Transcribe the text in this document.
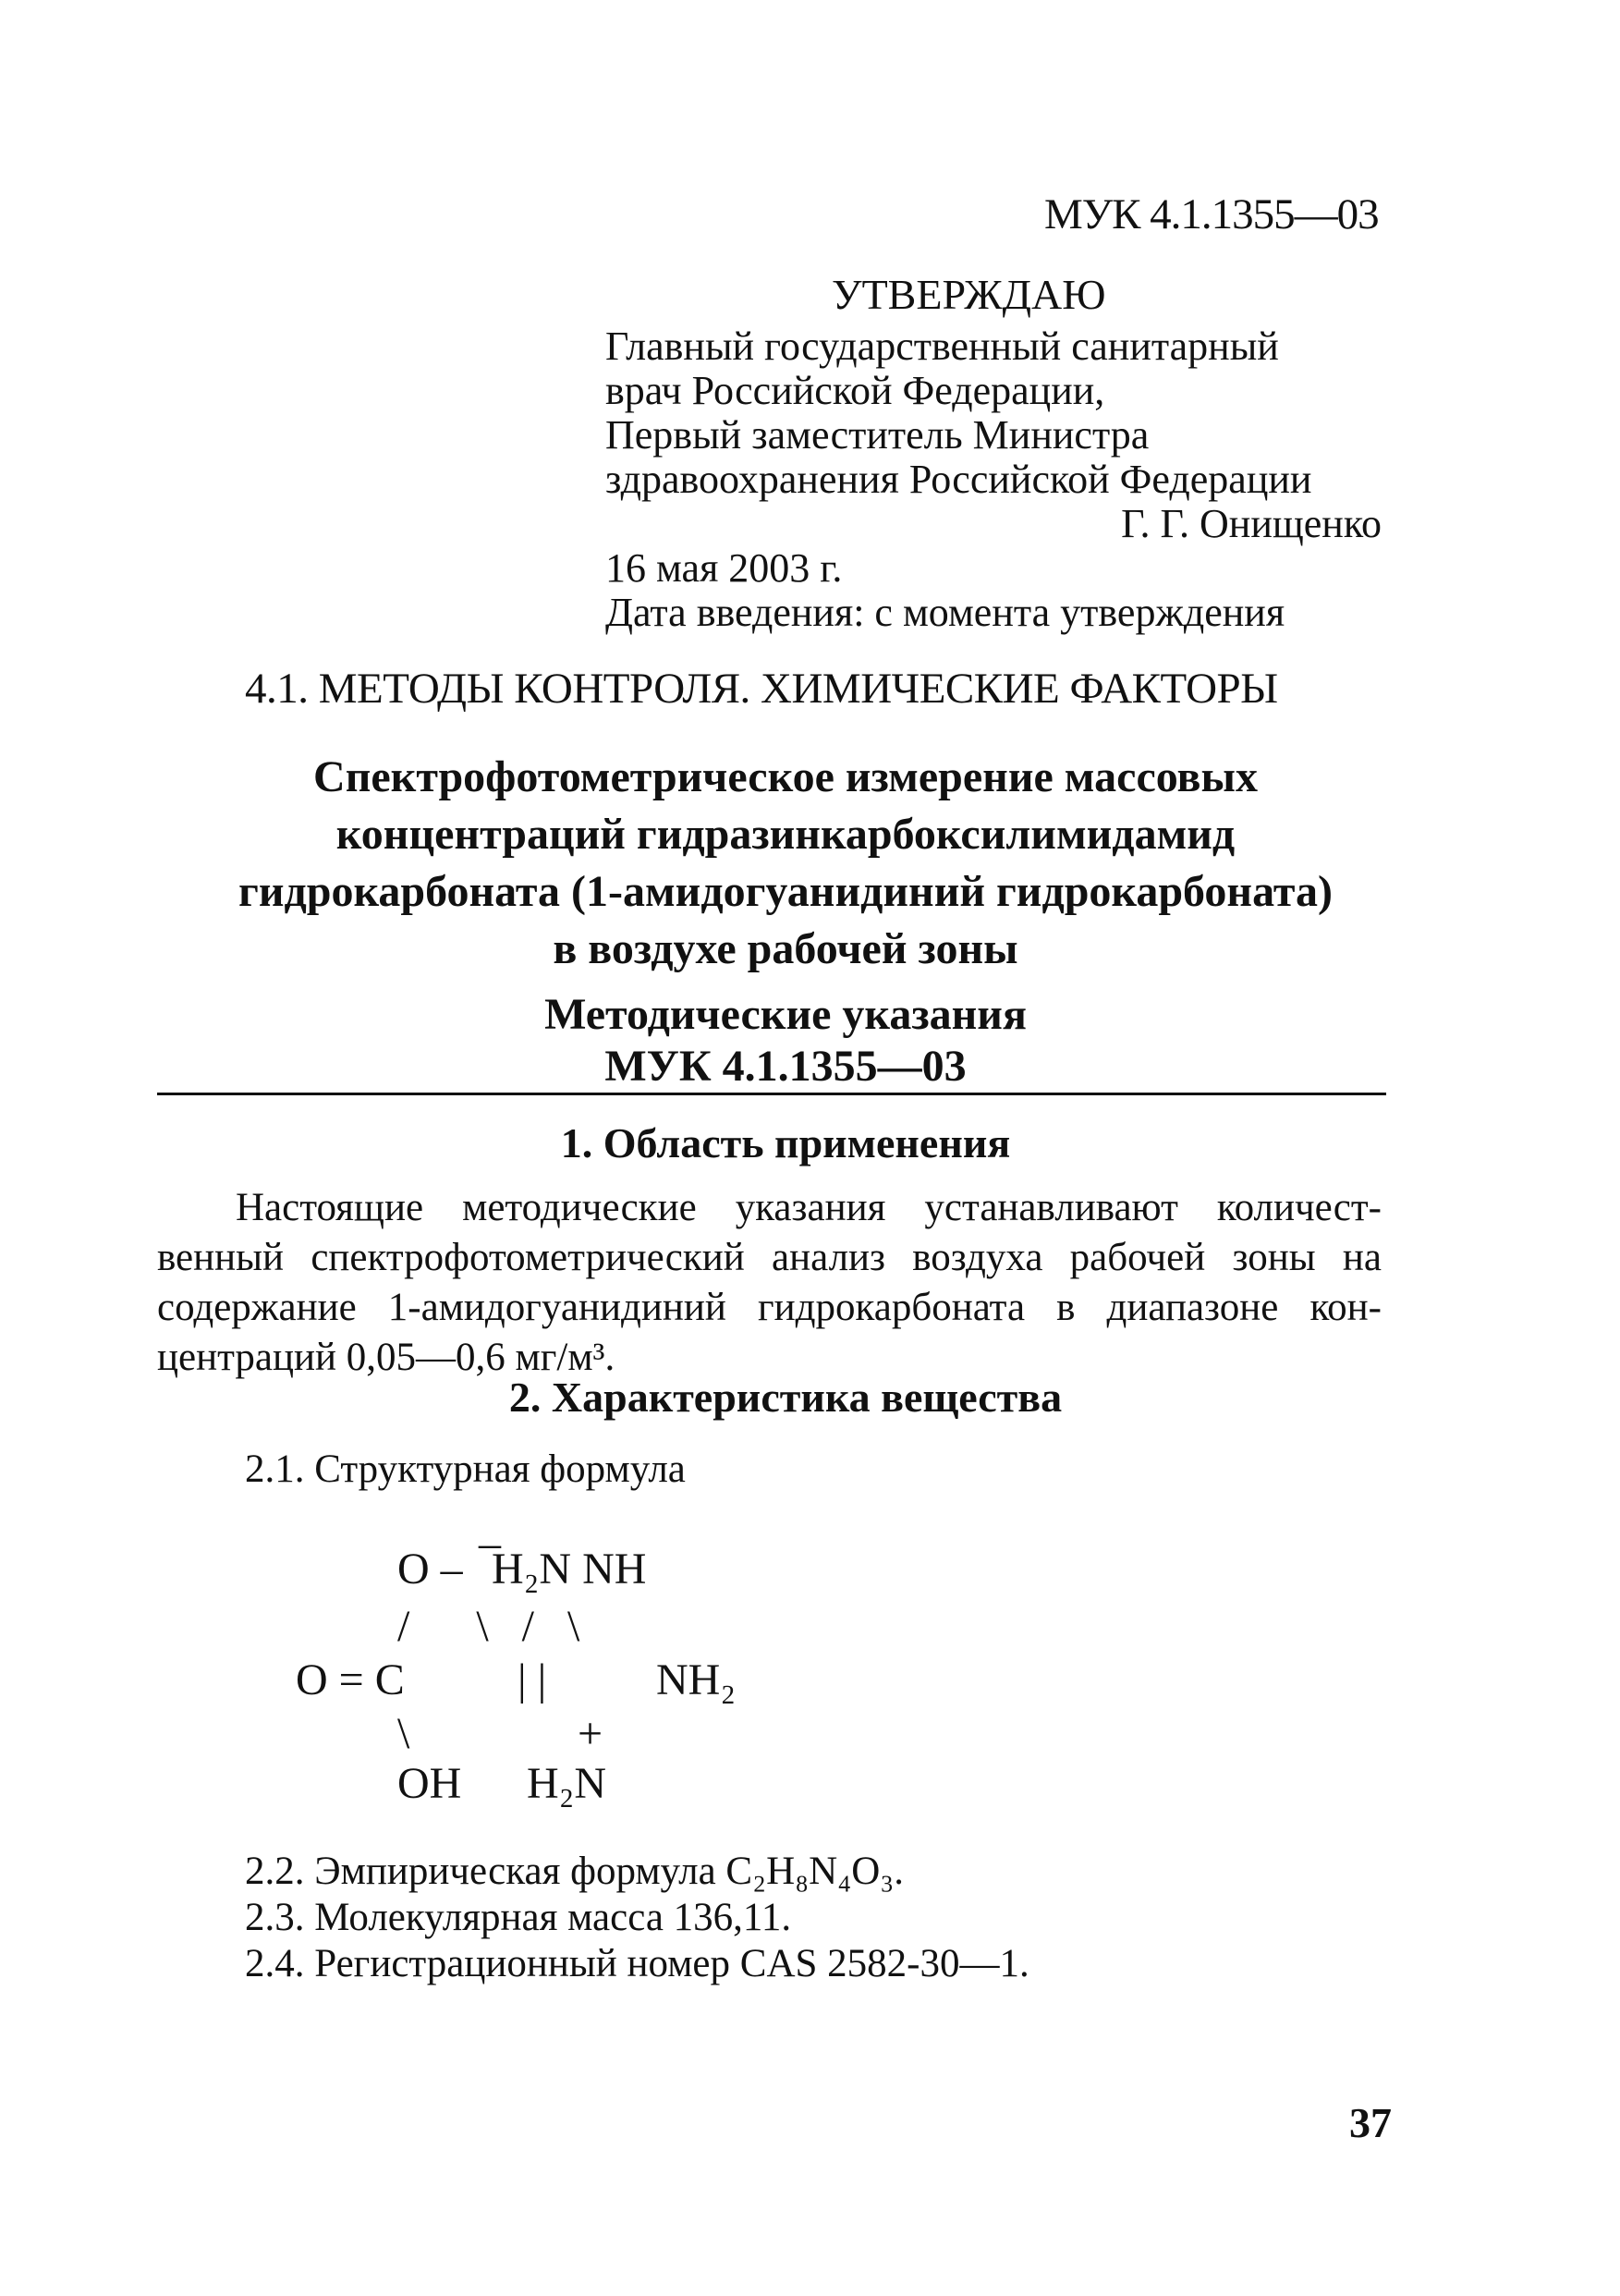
МУК 4.1.1355—03
УТВЕРЖДАЮ
Главный государственный санитарный
врач Российской Федерации,
Первый заместитель Министра
здравоохранения Российской Федерации
Г. Г. Онищенко
16 мая 2003 г.
Дата введения: с момента утверждения
4.1. МЕТОДЫ КОНТРОЛЯ. ХИМИЧЕСКИЕ ФАКТОРЫ
Спектрофотометрическое измерение массовых
концентраций гидразинкарбоксилимидамид
гидрокарбоната (1-амидогуанидиний гидрокарбоната)
в воздухе рабочей зоны
Методические указания
МУК 4.1.1355—03
1. Область применения
Настоящие методические указания устанавливают количест-
венный спектрофотометрический анализ воздуха рабочей зоны на
содержание 1-амидогуанидиний гидрокарбоната в диапазоне кон-
центраций 0,05—0,6 мг/м³.
2. Характеристика вещества
2.1. Структурная формула
–
O – H₂N NH
/      \   /   \
O = C	| | NH₂
\	+
OH H₂N
2.2. Эмпирическая формула C₂H₈N₄O₃.
2.3. Молекулярная масса 136,11.
2.4. Регистрационный номер CAS 2582-30—1.
37
